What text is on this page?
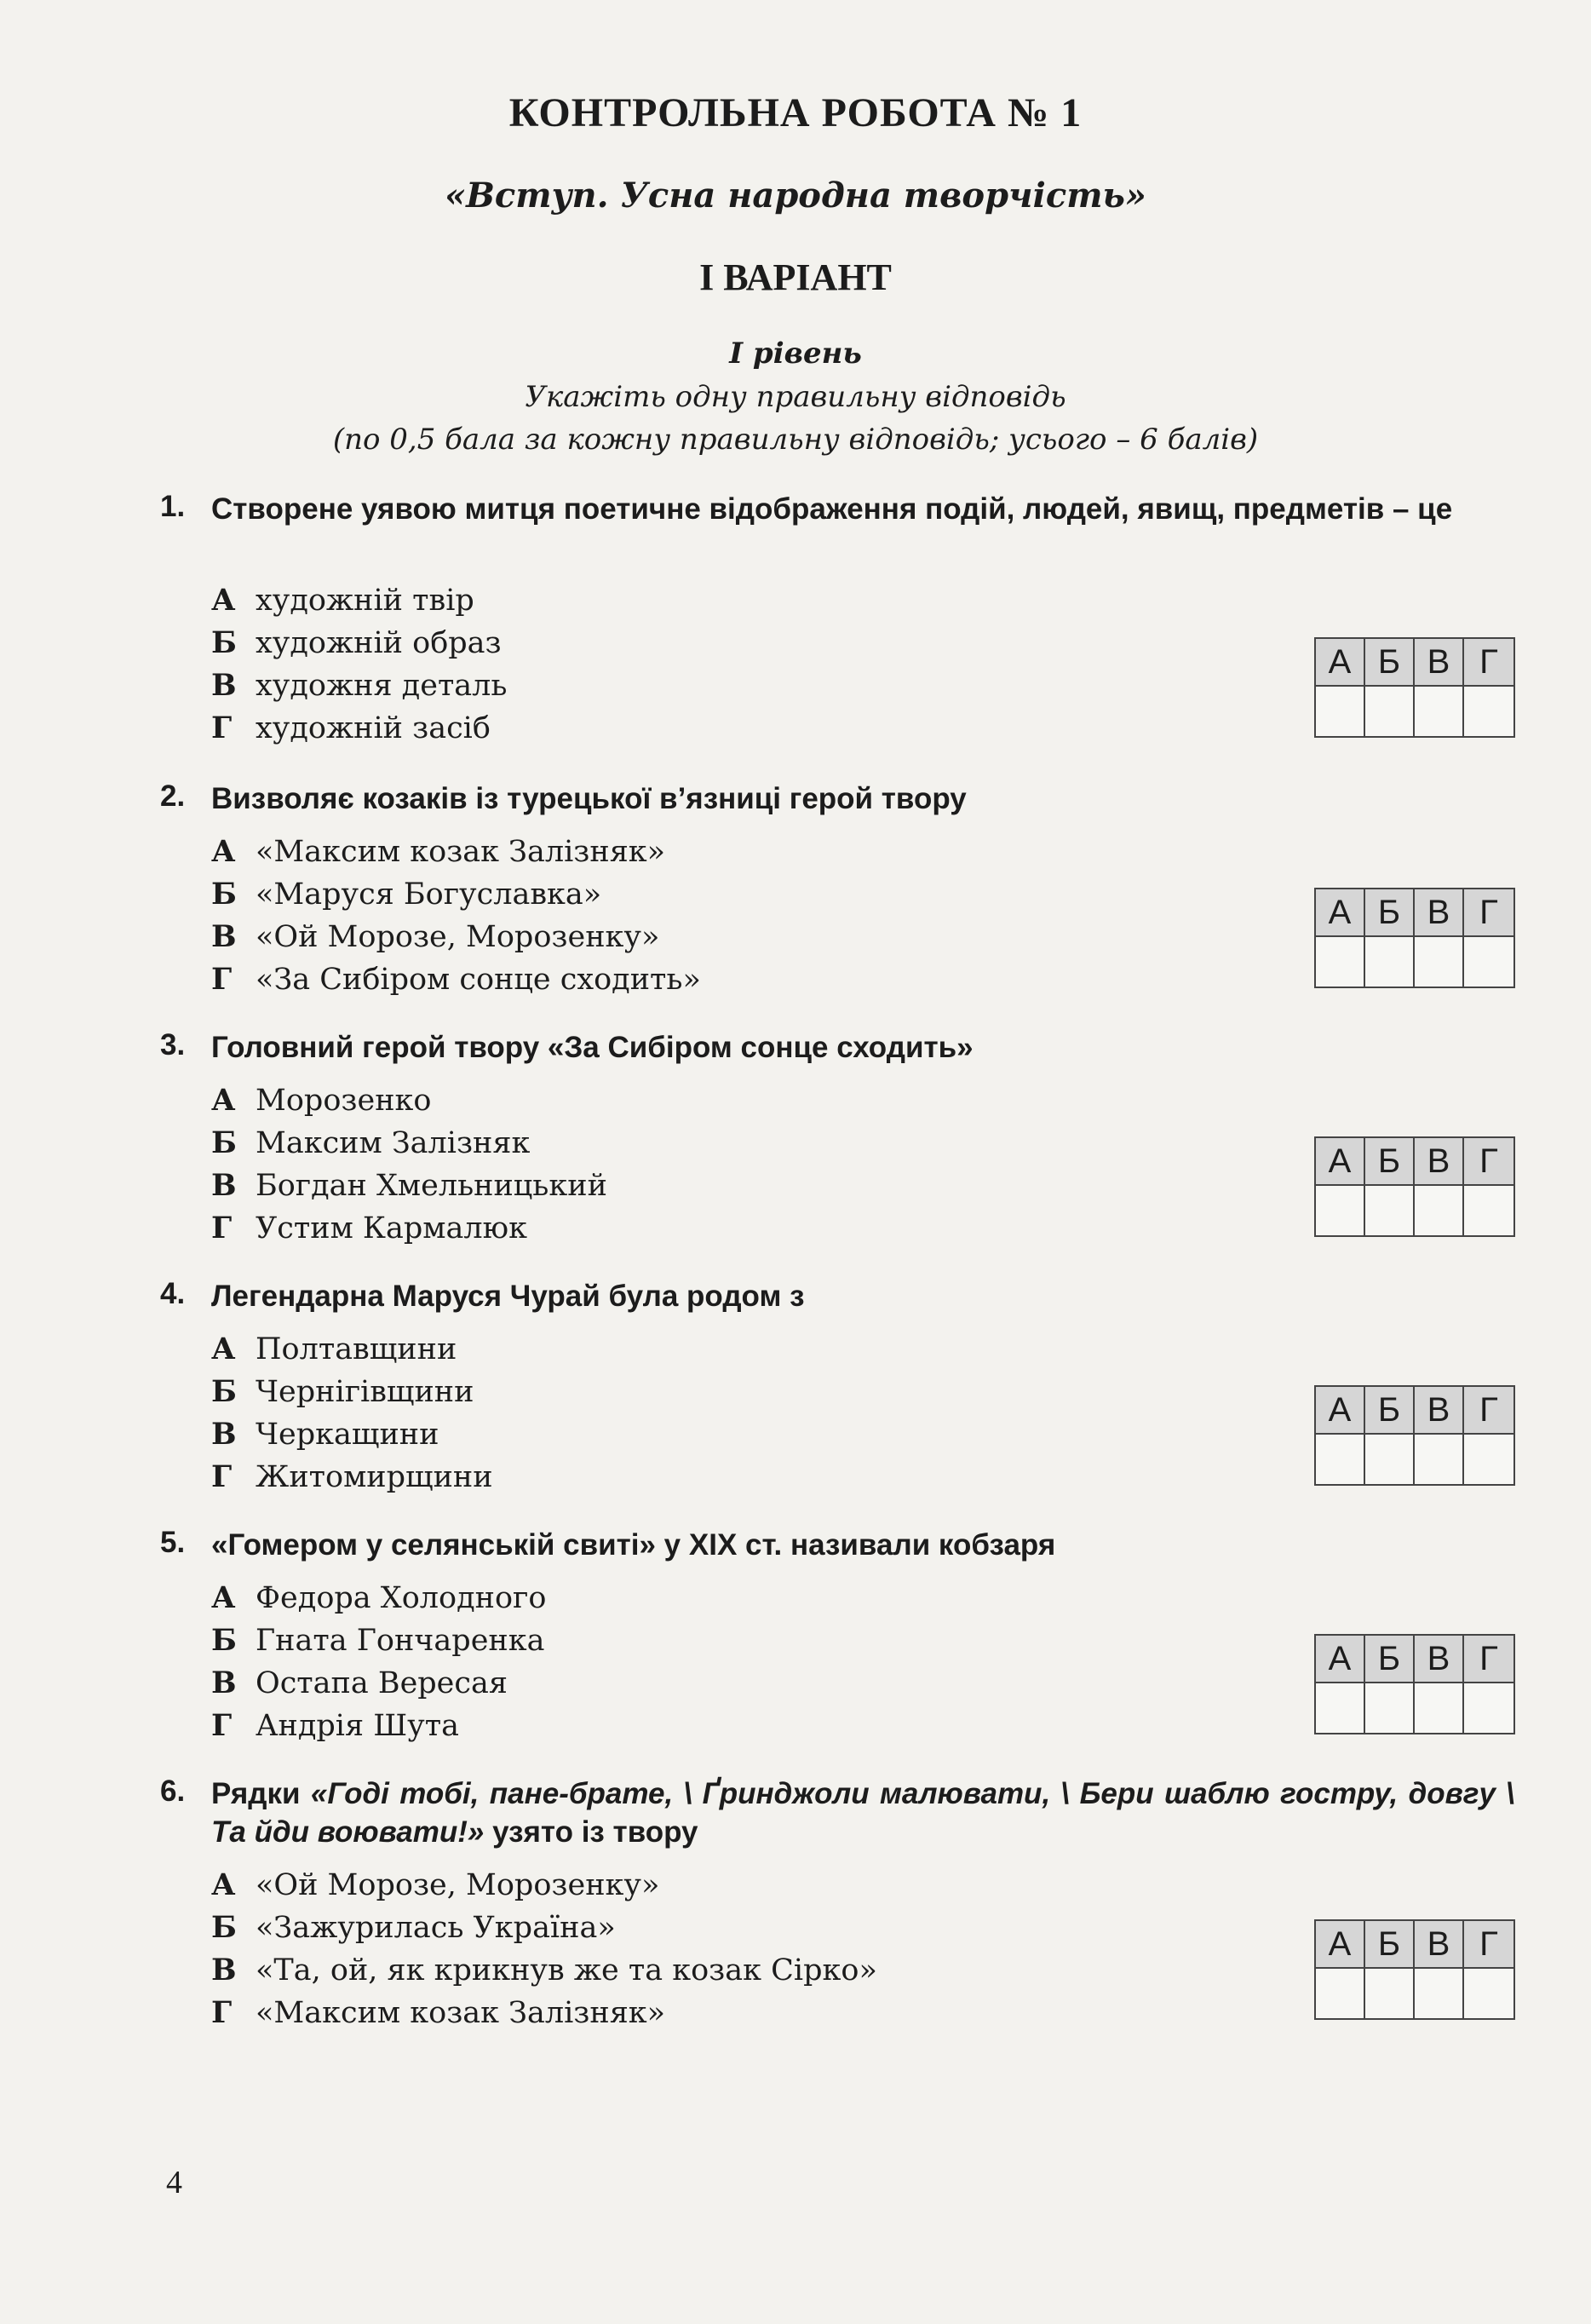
КОНТРОЛЬНА РОБОТА № 1
«Вступ. Усна народна творчість»
І ВАРІАНТ
І рівень
Укажіть одну правильну відповідь
(по 0,5 бала за кожну правильну відповідь; усього – 6 балів)
1. Створене уявою митця поетичне відображення подій, людей, явищ, предметів – це
А художній твір
Б художній образ
В художня деталь
Г художній засіб
А Б В Г
2. Визволяє козаків із турецької в’язниці герой твору
А «Максим козак Залізняк»
Б «Маруся Богуславка»
В «Ой Морозе, Морозенку»
Г «За Сибіром сонце сходить»
А Б В Г
3. Головний герой твору «За Сибіром сонце сходить»
А Морозенко
Б Максим Залізняк
В Богдан Хмельницький
Г Устим Кармалюк
А Б В Г
4. Легендарна Маруся Чурай була родом з
А Полтавщини
Б Чернігівщини
В Черкащини
Г Житомирщини
А Б В Г
5. «Гомером у селянській свиті» у ХІХ ст. називали кобзаря
А Федора Холодного
Б Гната Гончаренка
В Остапа Вересая
Г Андрія Шута
А Б В Г
6. Рядки «Годі тобі, пане-брате, \ Ґринджоли малювати, \ Бери шаблю гостру, довгу \ Та йди воювати!» узято із твору
А «Ой Морозе, Морозенку»
Б «Зажурилась Україна»
В «Та, ой, як крикнув же та козак Сірко»
Г «Максим козак Залізняк»
А Б В Г
4
